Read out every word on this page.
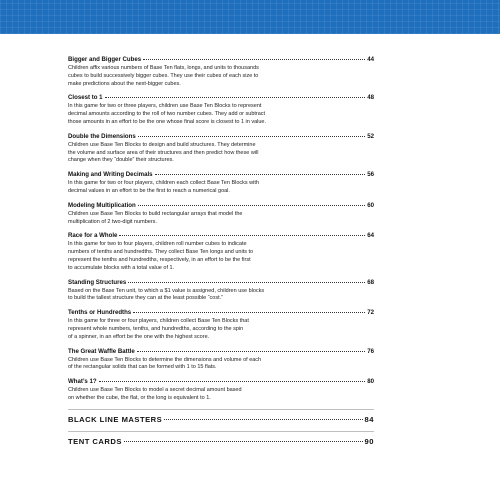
Bigger and Bigger Cubes	44
Children affix various numbers of Base Ten flats, longs, and units to thousands
cubes to build successively bigger cubes. They use their cubes of each size to
make predictions about the next-bigger cubes.
Closest to 1	48
In this game for two or three players, children use Base Ten Blocks to represent
decimal amounts according to the roll of two number cubes. They add or subtract
those amounts in an effort to be the one whose final score is closest to 1 in value.
Double the Dimensions	52
Children use Base Ten Blocks to design and build structures. They determine
the volume and surface area of their structures and then predict how these will
change when they “double” their structures.
Making and Writing Decimals	56
In this game for two or four players, children each collect Base Ten Blocks with
decimal values in an effort to be the first to reach a numerical goal.
Modeling Multiplication	60
Children use Base Ten Blocks to build rectangular arrays that model the
multiplication of 2 two-digit numbers.
Race for a Whole	64
In this game for two to four players, children roll number cubes to indicate
numbers of tenths and hundredths. They collect Base Ten longs and units to
represent the tenths and hundredths, respectively, in an effort to be the first
to accumulate blocks with a total value of 1.
Standing Structures	68
Based on the Base Ten unit, to which a $1 value is assigned, children use blocks
to build the tallest structure they can at the least possible “cost.”
Tenths or Hundredths	72
In this game for three or four players, children collect Base Ten Blocks that
represent whole numbers, tenths, and hundredths, according to the spin
of a spinner, in an effort be the one with the highest score.
The Great Waffle Battle	76
Children use Base Ten Blocks to determine the dimensions and volume of each
of the rectangular solids that can be formed with 1 to 15 flats.
What’s 1?	80
Children use Base Ten Blocks to model a secret decimal amount based
on whether the cube, the flat, or the long is equivalent to 1.
BLACK LINE MASTERS	84
TENT CARDS	90
